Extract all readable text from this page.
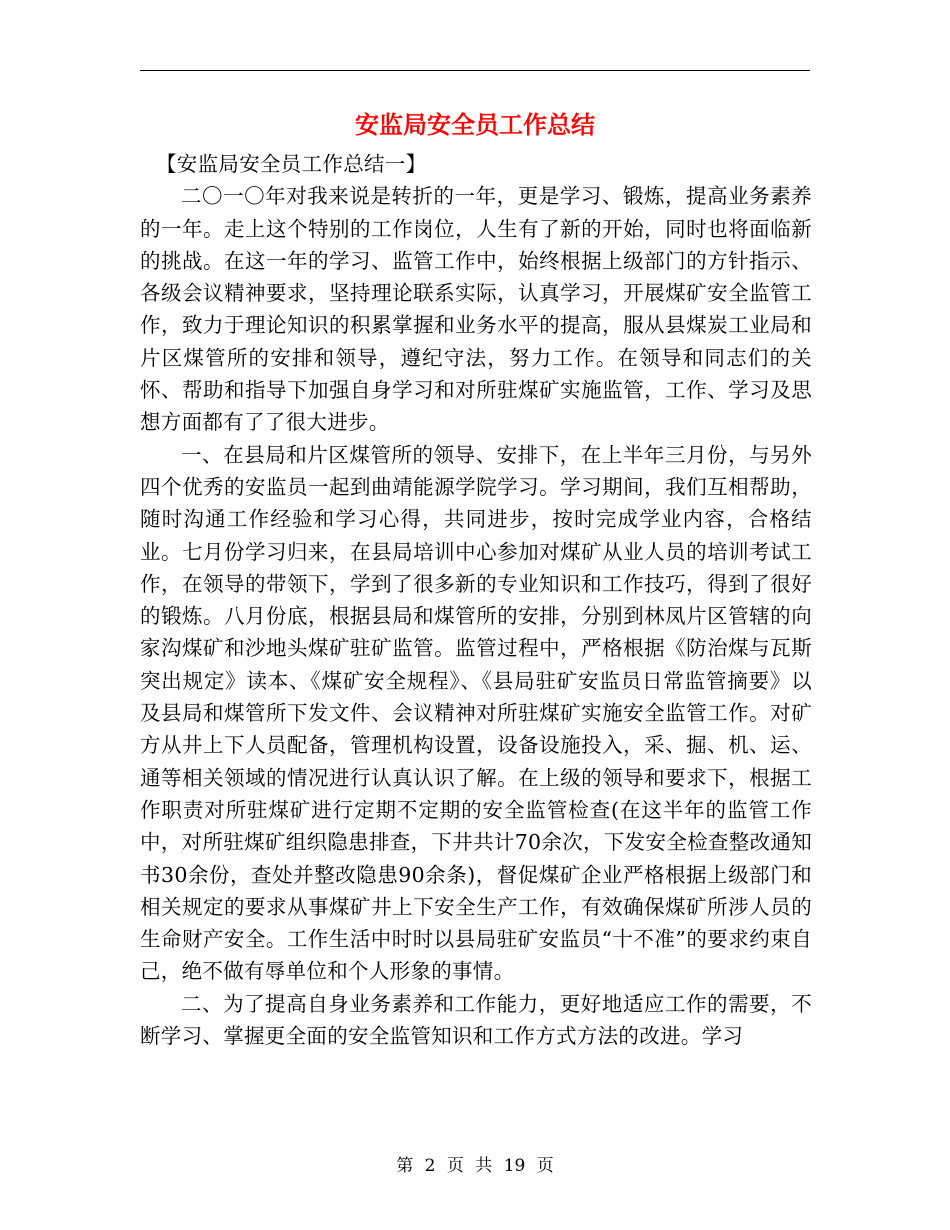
安监局安全员工作总结

【安监局安全员工作总结一】

二〇一〇年对我来说是转折的一年，更是学习、锻炼，提高业务素养的一年。走上这个特别的工作岗位，人生有了新的开始，同时也将面临新的挑战。在这一年的学习、监管工作中，始终根据上级部门的方针指示、各级会议精神要求，坚持理论联系实际，认真学习，开展煤矿安全监管工作，致力于理论知识的积累掌握和业务水平的提高，服从县煤炭工业局和片区煤管所的安排和领导，遵纪守法，努力工作。在领导和同志们的关怀、帮助和指导下加强自身学习和对所驻煤矿实施监管，工作、学习及思想方面都有了了很大进步。

一、在县局和片区煤管所的领导、安排下，在上半年三月份，与另外四个优秀的安监员一起到曲靖能源学院学习。学习期间，我们互相帮助，随时沟通工作经验和学习心得，共同进步，按时完成学业内容，合格结业。七月份学习归来，在县局培训中心参加对煤矿从业人员的培训考试工作，在领导的带领下，学到了很多新的专业知识和工作技巧，得到了很好的锻炼。八月份底，根据县局和煤管所的安排，分别到林凤片区管辖的向家沟煤矿和沙地头煤矿驻矿监管。监管过程中，严格根据《防治煤与瓦斯突出规定》读本、《煤矿安全规程》、《县局驻矿安监员日常监管摘要》以及县局和煤管所下发文件、会议精神对所驻煤矿实施安全监管工作。对矿方从井上下人员配备，管理机构设置，设备设施投入，采、掘、机、运、通等相关领域的情况进行认真认识了解。在上级的领导和要求下，根据工作职责对所驻煤矿进行定期不定期的安全监管检查(在这半年的监管工作中，对所驻煤矿组织隐患排查，下井共计70余次，下发安全检查整改通知书30余份，查处并整改隐患90余条)，督促煤矿企业严格根据上级部门和相关规定的要求从事煤矿井上下安全生产工作，有效确保煤矿所涉人员的生命财产安全。工作生活中时时以县局驻矿安监员“十不准”的要求约束自己，绝不做有辱单位和个人形象的事情。

二、为了提高自身业务素养和工作能力，更好地适应工作的需要，不断学习、掌握更全面的安全监管知识和工作方式方法的改进。学习

第 2 页 共 19 页
